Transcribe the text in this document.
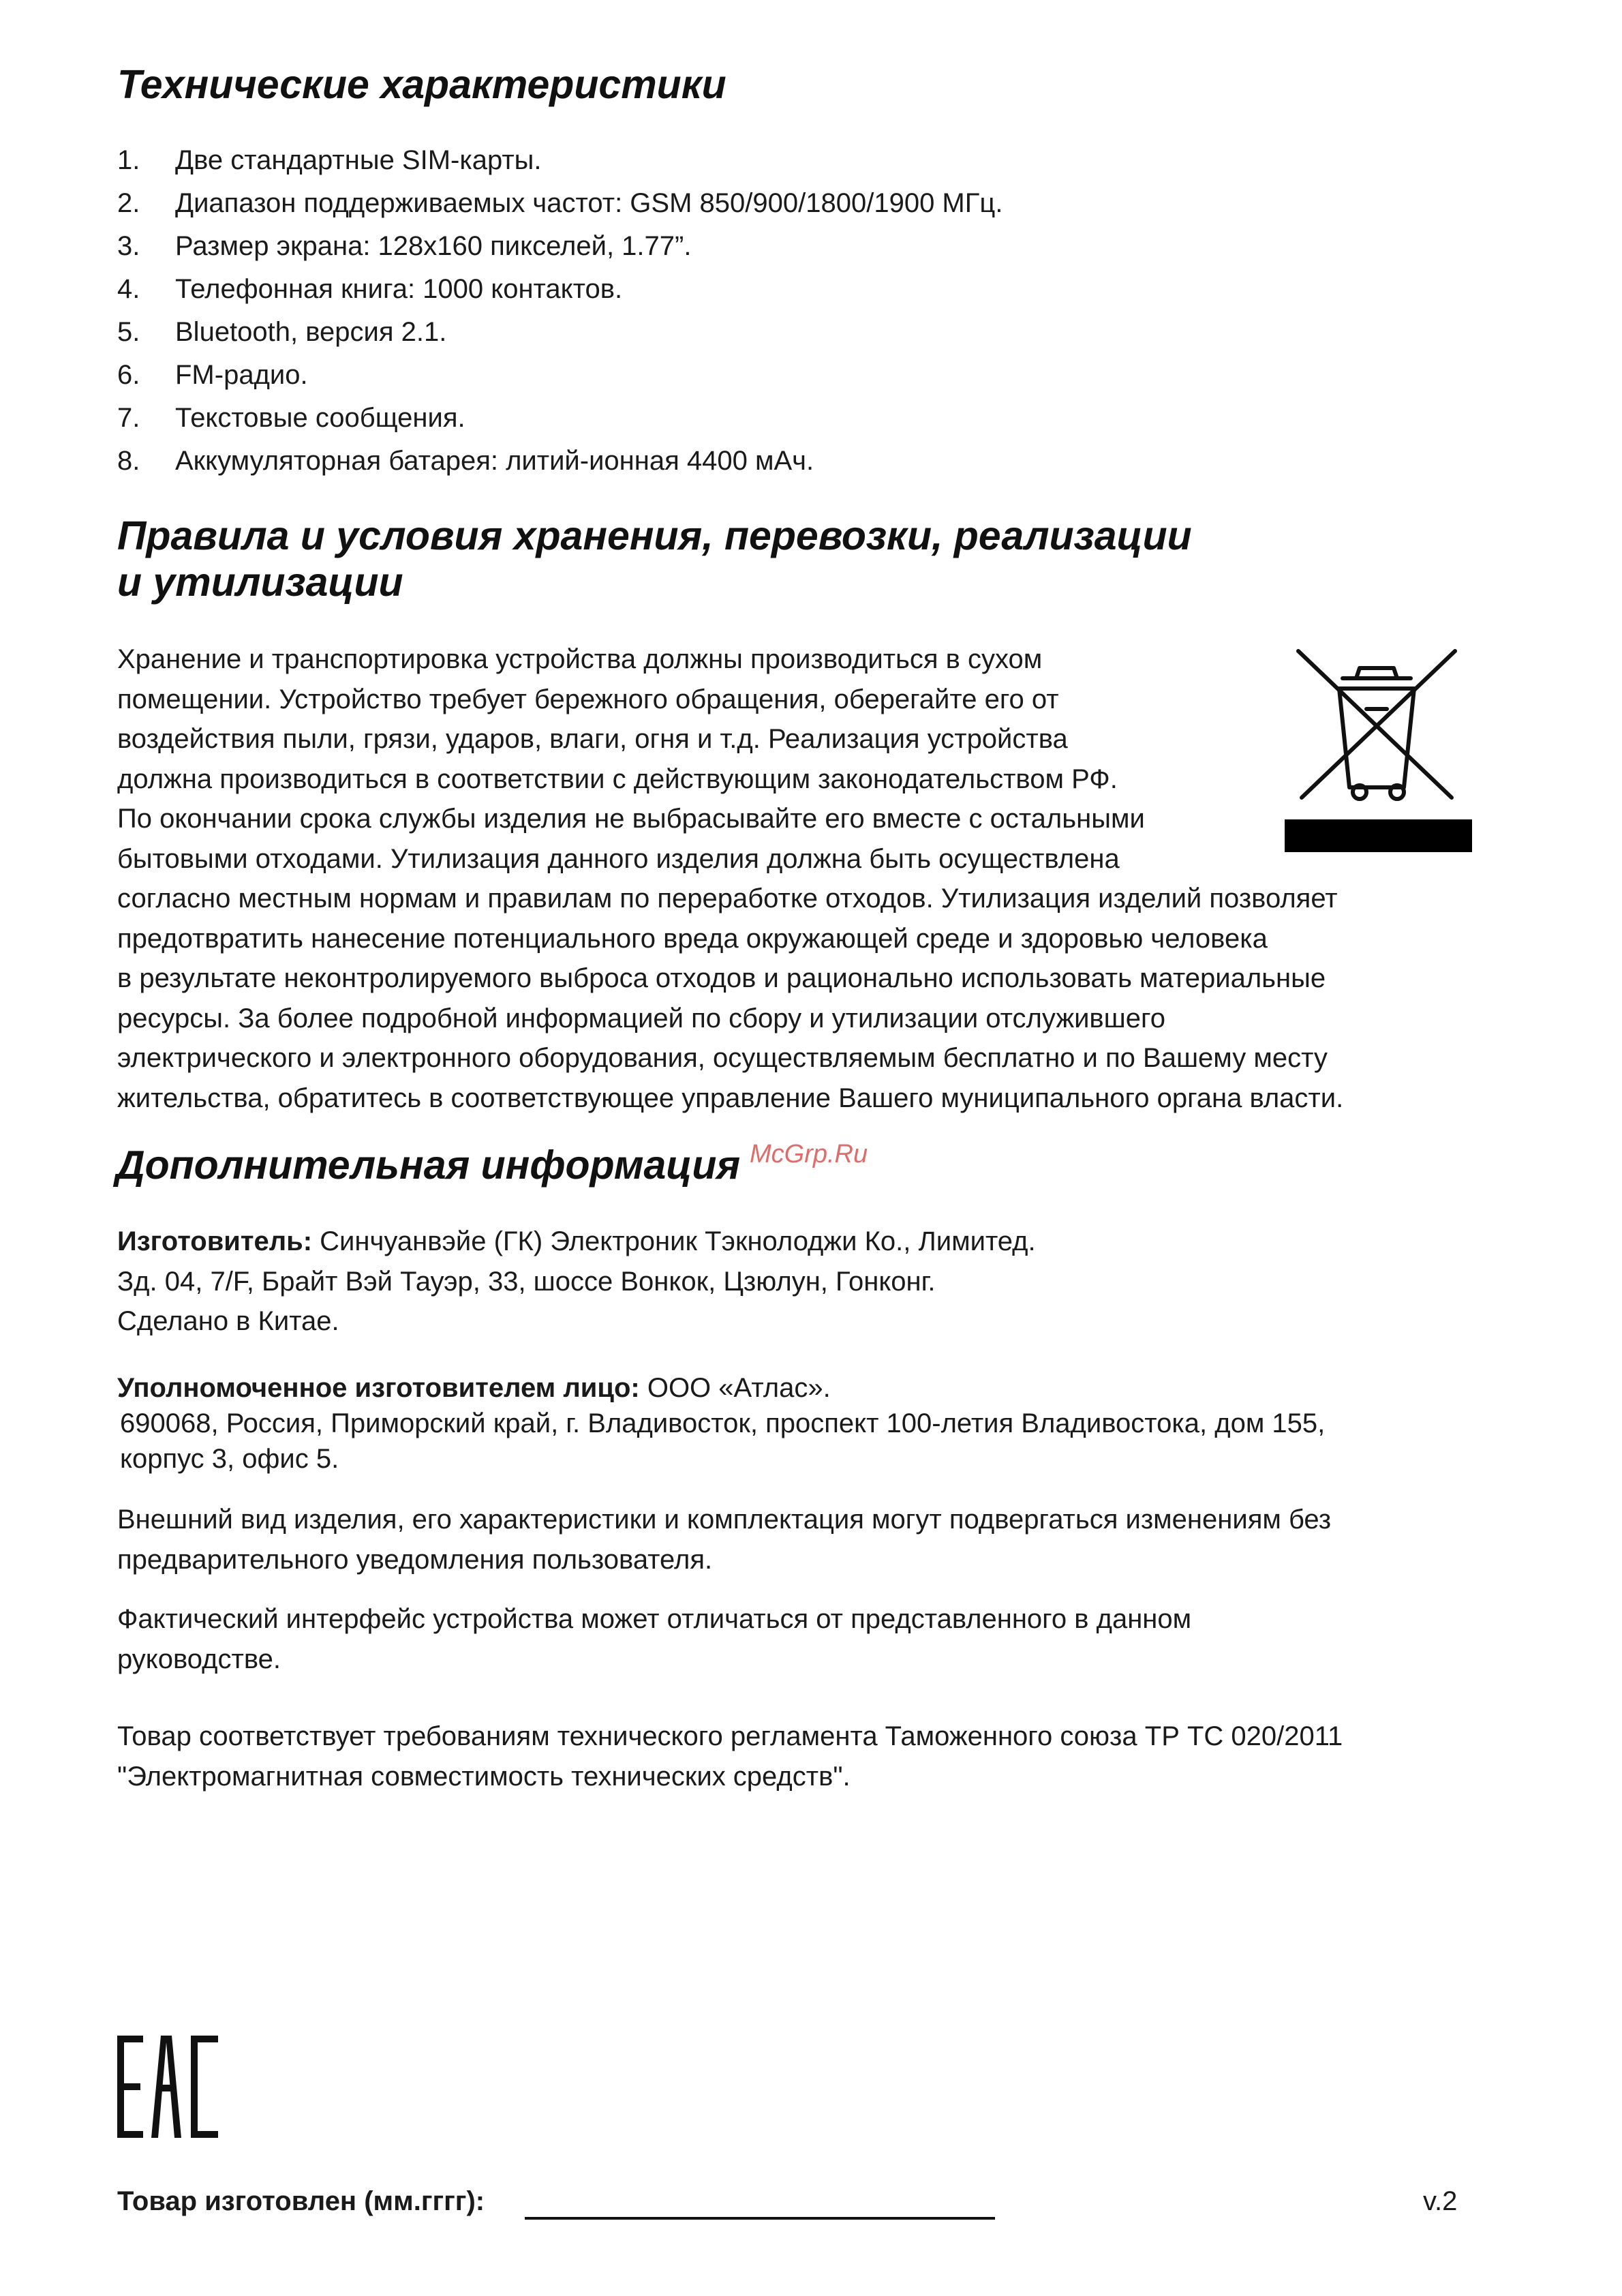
Технические характеристики
1. Две стандартные SIM-карты.
2. Диапазон поддерживаемых частот: GSM 850/900/1800/1900 МГц.
3. Размер экрана: 128x160 пикселей, 1.77”.
4. Телефонная книга: 1000 контактов.
5. Bluetooth, версия 2.1.
6. FM-радио.
7. Текстовые сообщения.
8. Аккумуляторная батарея: литий-ионная 4400 мАч.
Правила и условия хранения, перевозки, реализации
и утилизации
Хранение и транспортировка устройства должны производиться в сухом
помещении. Устройство требует бережного обращения, оберегайте его от
воздействия пыли, грязи, ударов, влаги, огня и т.д. Реализация устройства
должна производиться в соответствии с действующим законодательством РФ.
По окончании срока службы изделия не выбрасывайте его вместе с остальными
бытовыми отходами. Утилизация данного изделия должна быть осуществлена
согласно местным нормам и правилам по переработке отходов. Утилизация изделий позволяет
предотвратить нанесение потенциального вреда окружающей среде и здоровью человека
в результате неконтролируемого выброса отходов и рационально использовать материальные
ресурсы. За более подробной информацией по сбору и утилизации отслужившего
электрического и электронного оборудования, осуществляемым бесплатно и по Вашему месту
жительства, обратитесь в соответствующее управление Вашего муниципального органа власти.
Дополнительная информация McGrp.Ru
Изготовитель: Синчуанвэйе (ГК) Электроник Тэкнолоджи Ко., Лимитед.
Зд. 04, 7/F, Брайт Вэй Тауэр, 33, шоссе Вонкок, Цзюлун, Гонконг.
Сделано в Китае.
Уполномоченное изготовителем лицо: ООО «Атлас».
690068, Россия, Приморский край, г. Владивосток, проспект 100-летия Владивостока, дом 155,
корпус 3, офис 5.
Внешний вид изделия, его характеристики и комплектация могут подвергаться изменениям без
предварительного уведомления пользователя.
Фактический интерфейс устройства может отличаться от представленного в данном
руководстве.
Товар соответствует требованиям технического регламента Таможенного союза ТР ТС 020/2011
"Электромагнитная совместимость технических средств".
Товар изготовлен (мм.гггг):	v.2
